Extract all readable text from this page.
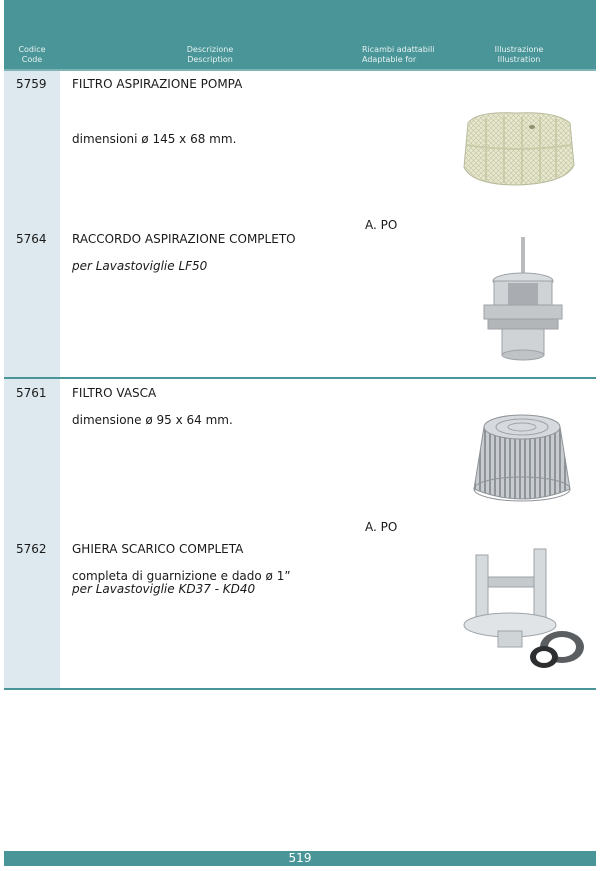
Codice
Code
Descrizione
Description
Ricambi adattabili
Adaptable for
Illustrazione
Illustration
5759 FILTRO ASPIRAZIONE POMPA
dimensioni ø 145 x 68 mm.
A. PO
5764 RACCORDO ASPIRAZIONE COMPLETO
per Lavastoviglie LF50
5761 FILTRO VASCA
dimensione ø 95 x 64 mm.
A. PO
5762 GHIERA SCARICO COMPLETA
completa di guarnizione e dado ø 1”
per Lavastoviglie KD37 - KD40
519
